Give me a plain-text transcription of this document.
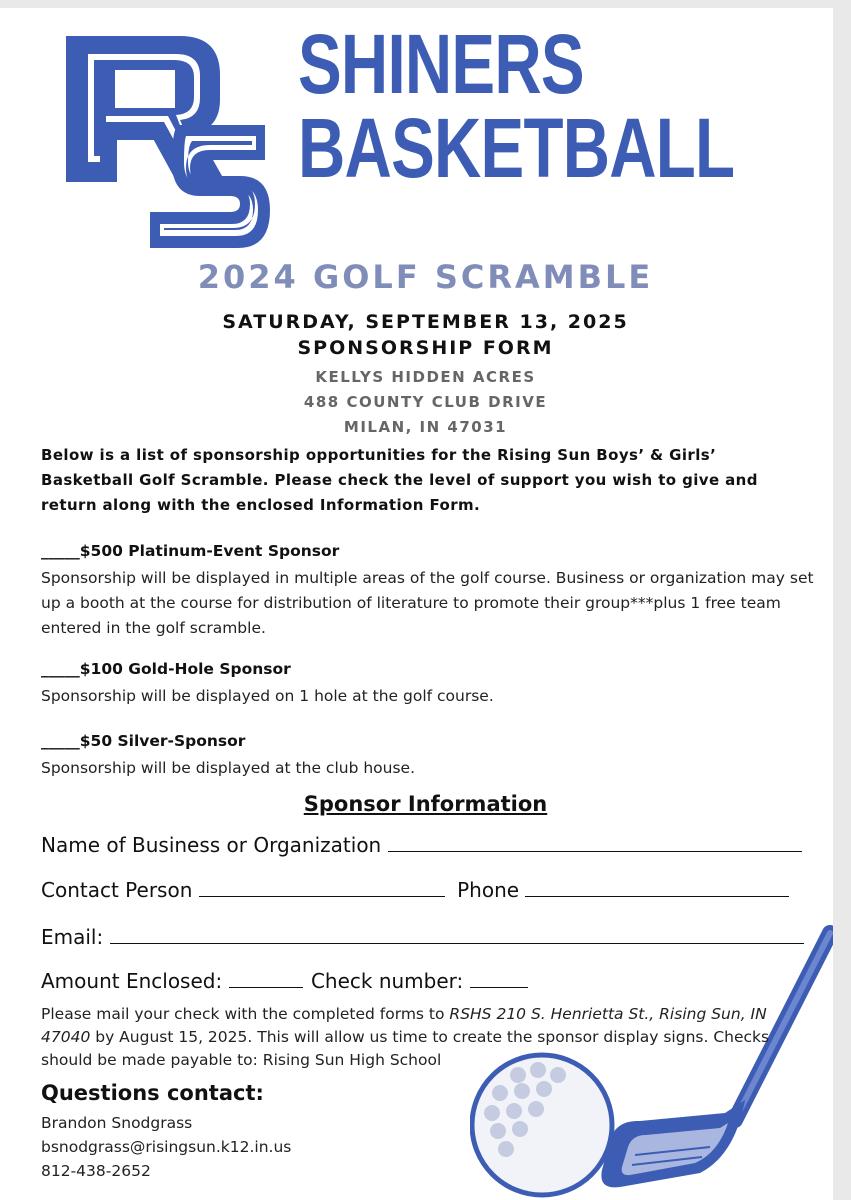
SHINERS
BASKETBALL
2024 GOLF SCRAMBLE

SATURDAY, SEPTEMBER 13, 2025

SPONSORSHIP FORM

KELLYS HIDDEN ACRES
488 COUNTY CLUB DRIVE
MILAN, IN 47031

Below is a list of sponsorship opportunities for the Rising Sun Boys’ & Girls’ Basketball Golf Scramble. Please check the level of support you wish to give and return along with the enclosed Information Form.

_____$500 Platinum-Event Sponsor

Sponsorship will be displayed in multiple areas of the golf course. Business or organization may set up a booth at the course for distribution of literature to promote their group***plus 1 free team entered in the golf scramble.

_____$100 Gold-Hole Sponsor

Sponsorship will be displayed on 1 hole at the golf course.

_____$50 Silver-Sponsor

Sponsorship will be displayed at the club house.

Sponsor Information

Name of Business or Organization

Contact Person	Phone

Email:

Amount Enclosed:	Check number:

Please mail your check with the completed forms to RSHS 210 S. Henrietta St., Rising Sun, IN 47040 by August 15, 2025. This will allow us time to create the sponsor display signs. Checks should be made payable to: Rising Sun High School

Questions contact:

Brandon Snodgrass

bsnodgrass@risingsun.k12.in.us

812-438-2652
